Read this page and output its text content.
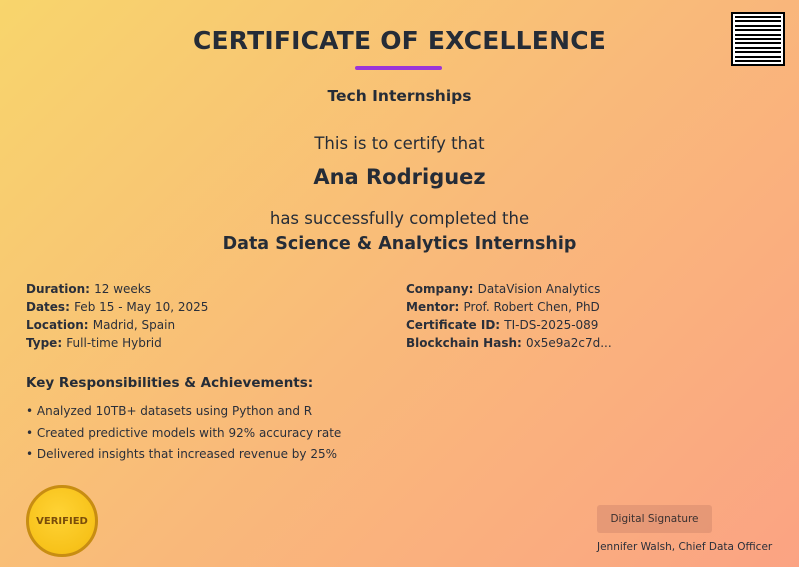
CERTIFICATE OF EXCELLENCE
Tech Internships
This is to certify that
Ana Rodriguez
has successfully completed the
Data Science & Analytics Internship
Duration: 12 weeks
Dates: Feb 15 - May 10, 2025
Location: Madrid, Spain
Type: Full-time Hybrid
Company: DataVision Analytics
Mentor: Prof. Robert Chen, PhD
Certificate ID: TI-DS-2025-089
Blockchain Hash: 0x5e9a2c7d...
Key Responsibilities & Achievements:
• Analyzed 10TB+ datasets using Python and R
• Created predictive models with 92% accuracy rate
• Delivered insights that increased revenue by 25%
VERIFIED	Digital Signature
Jennifer Walsh, Chief Data Officer
